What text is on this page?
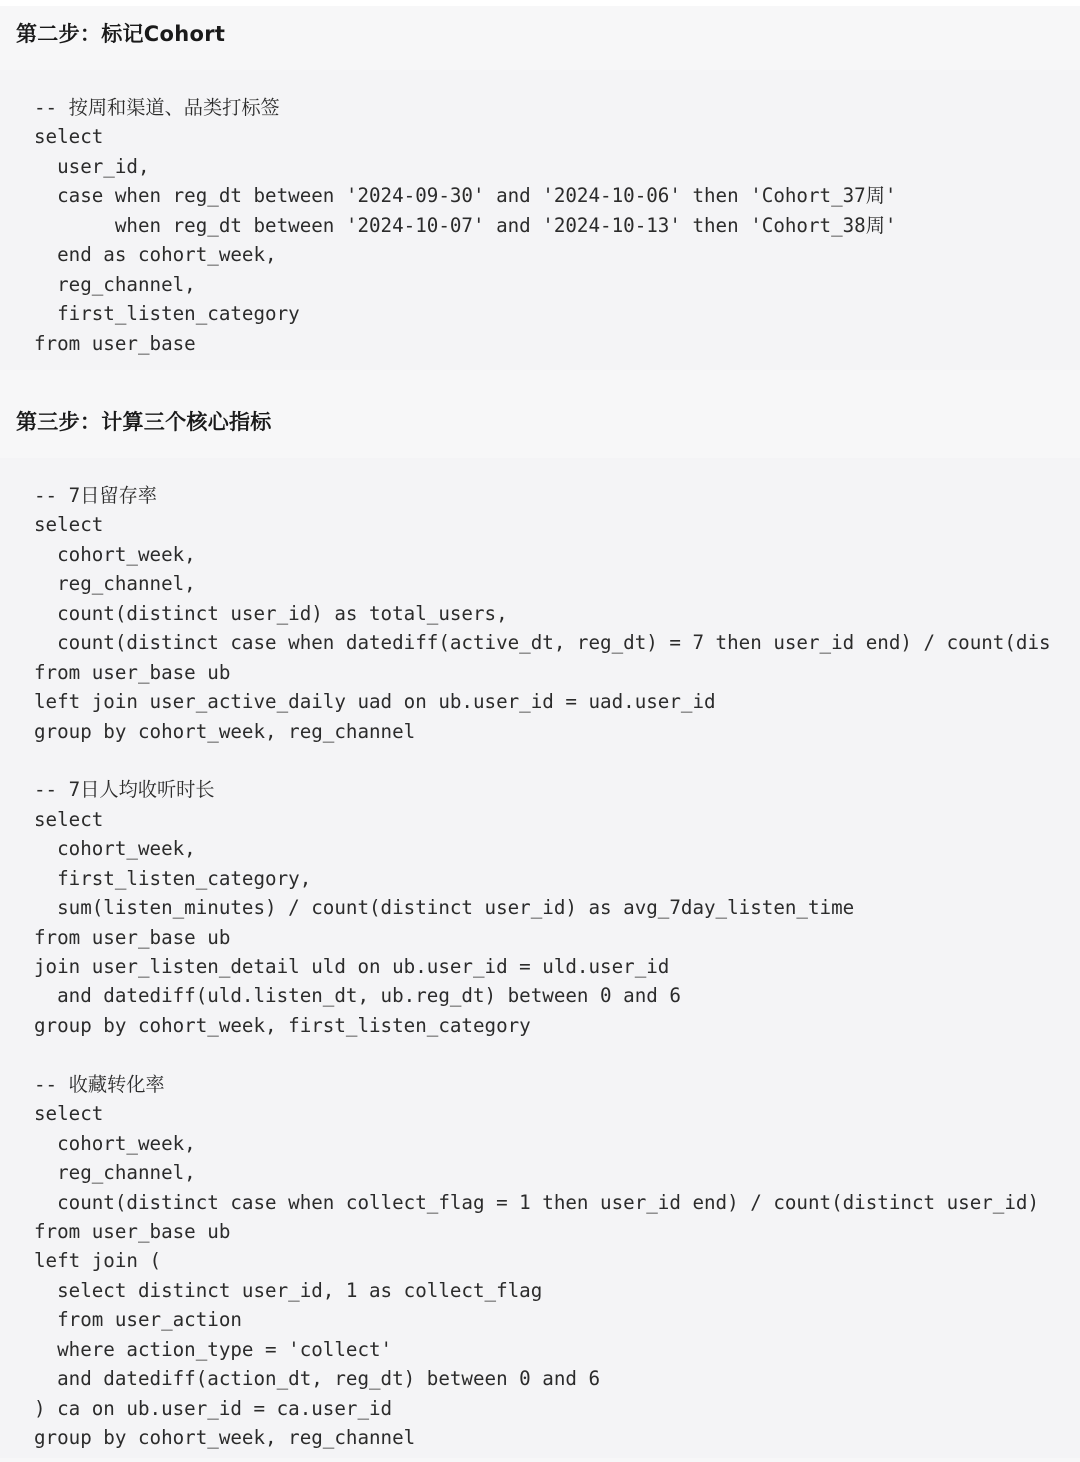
第二步：标记Cohort
-- 按周和渠道、品类打标签
select
user_id,
case when reg_dt between '2024-09-30' and '2024-10-06' then 'Cohort_37周'
when reg_dt between '2024-10-07' and '2024-10-13' then 'Cohort_38周'
end as cohort_week,
reg_channel,
first_listen_category
from user_base
第三步：计算三个核心指标
-- 7日留存率
select
cohort_week,
reg_channel,
count(distinct user_id) as total_users,
count(distinct case when datediff(active_dt, reg_dt) = 7 then user_id end) / count(dis
from user_base ub
left join user_active_daily uad on ub.user_id = uad.user_id
group by cohort_week, reg_channel
-- 7日人均收听时长
select
cohort_week,
first_listen_category,
sum(listen_minutes) / count(distinct user_id) as avg_7day_listen_time
from user_base ub
join user_listen_detail uld on ub.user_id = uld.user_id
and datediff(uld.listen_dt, ub.reg_dt) between 0 and 6
group by cohort_week, first_listen_category
-- 收藏转化率
select
cohort_week,
reg_channel,
count(distinct case when collect_flag = 1 then user_id end) / count(distinct user_id)
from user_base ub
left join (
select distinct user_id, 1 as collect_flag
from user_action
where action_type = 'collect'
and datediff(action_dt, reg_dt) between 0 and 6
) ca on ub.user_id = ca.user_id
group by cohort_week, reg_channel
